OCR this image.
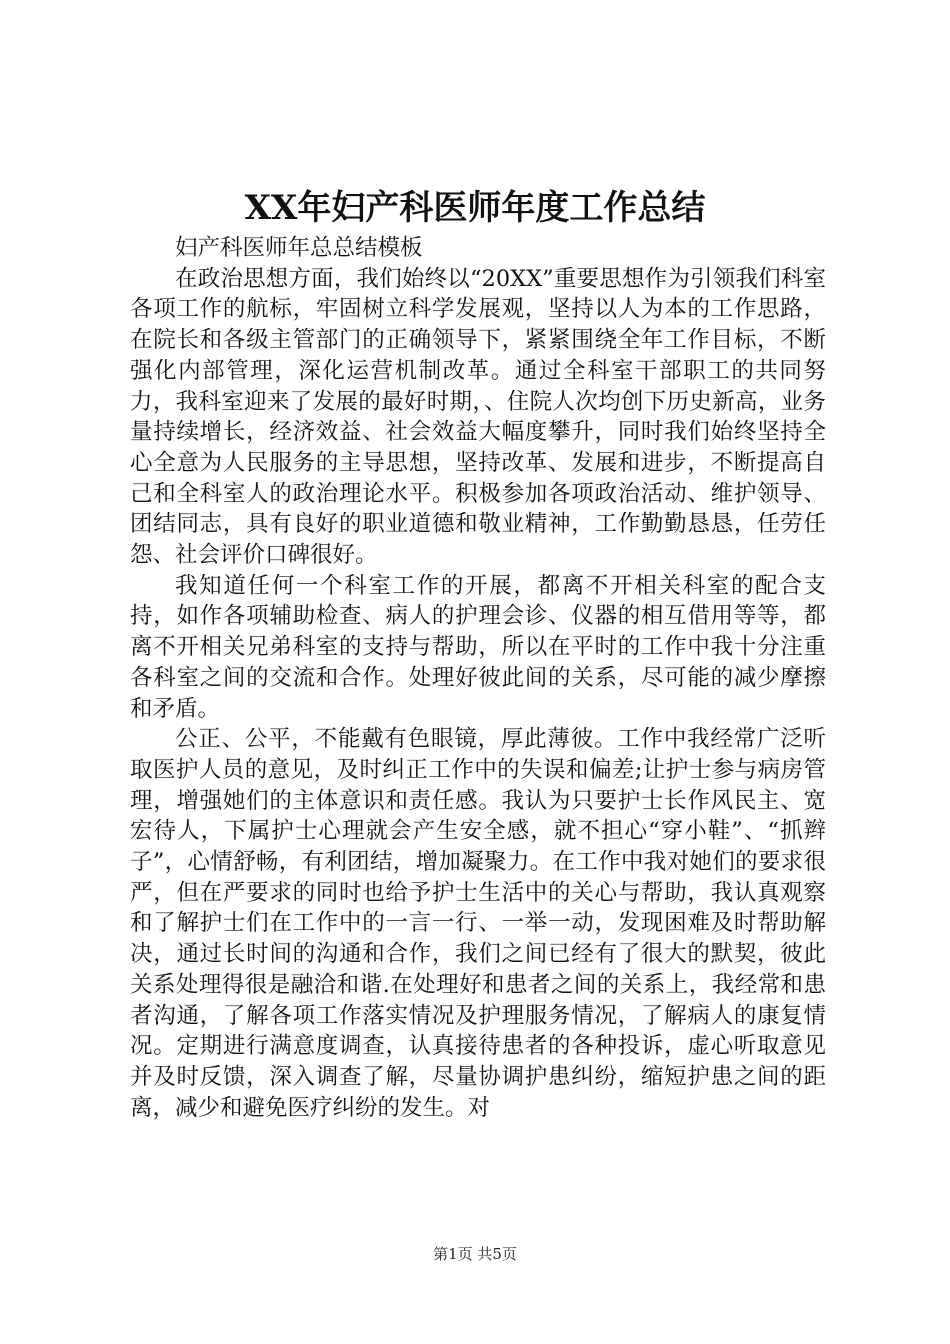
XX年妇产科医师年度工作总结

妇产科医师年总总结模板

在政治思想方面，我们始终以“20XX”重要思想作为引领我们科室各项工作的航标，牢固树立科学发展观，坚持以人为本的工作思路，在院长和各级主管部门的正确领导下，紧紧围绕全年工作目标，不断强化内部管理，深化运营机制改革。通过全科室干部职工的共同努力，我科室迎来了发展的最好时期，、住院人次均创下历史新高，业务量持续增长，经济效益、社会效益大幅度攀升，同时我们始终坚持全心全意为人民服务的主导思想，坚持改革、发展和进步，不断提高自己和全科室人的政治理论水平。积极参加各项政治活动、维护领导、团结同志，具有良好的职业道德和敬业精神，工作勤勤恳恳，任劳任怨、社会评价口碑很好。

我知道任何一个科室工作的开展，都离不开相关科室的配合支持，如作各项辅助检查、病人的护理会诊、仪器的相互借用等等，都离不开相关兄弟科室的支持与帮助，所以在平时的工作中我十分注重各科室之间的交流和合作。处理好彼此间的关系，尽可能的减少摩擦和矛盾。

公正、公平，不能戴有色眼镜，厚此薄彼。工作中我经常广泛听取医护人员的意见，及时纠正工作中的失误和偏差;让护士参与病房管理，增强她们的主体意识和责任感。我认为只要护士长作风民主、宽宏待人，下属护士心理就会产生安全感，就不担心“穿小鞋”、“抓辫子”，心情舒畅，有利团结，增加凝聚力。在工作中我对她们的要求很严，但在严要求的同时也给予护士生活中的关心与帮助，我认真观察和了解护士们在工作中的一言一行、一举一动，发现困难及时帮助解决，通过长时间的沟通和合作，我们之间已经有了很大的默契，彼此关系处理得很是融洽和谐.在处理好和患者之间的关系上，我经常和患者沟通，了解各项工作落实情况及护理服务情况，了解病人的康复情况。定期进行满意度调查，认真接待患者的各种投诉，虚心听取意见并及时反馈，深入调查了解，尽量协调护患纠纷，缩短护患之间的距离，减少和避免医疗纠纷的发生。对

第1页 共5页
